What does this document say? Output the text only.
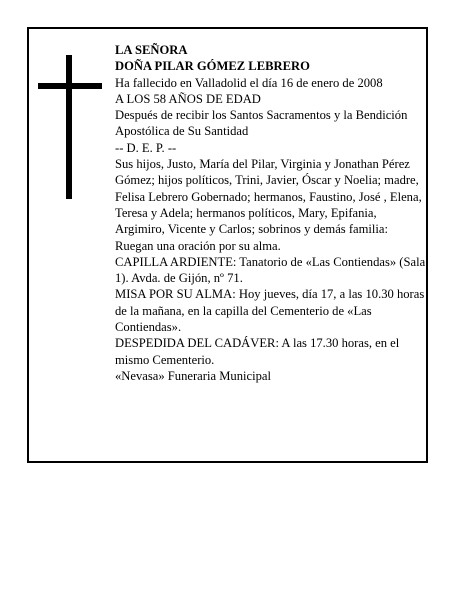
LA SEÑORA

DOÑA PILAR GÓMEZ LEBRERO

Ha fallecido en Valladolid el día 16 de enero de 2008

A LOS 58 AÑOS DE EDAD

Después de recibir los Santos Sacramentos y la Bendición Apostólica de Su Santidad

-- D. E. P. --

Sus hijos, Justo, María del Pilar, Virginia y Jonathan Pérez Gómez; hijos políticos, Trini, Javier, Óscar y Noelia; madre, Felisa Lebrero Gobernado; hermanos, Faustino, José , Elena, Teresa y Adela; hermanos políticos, Mary, Epifania, Argimiro, Vicente y Carlos; sobrinos y demás familia:

Ruegan una oración por su alma.

CAPILLA ARDIENTE: Tanatorio de «Las Contiendas» (Sala 1). Avda. de Gijón, nº 71.

MISA POR SU ALMA: Hoy jueves, día 17, a las 10.30 horas de la mañana, en la capilla del Cementerio de «Las Contiendas».

DESPEDIDA DEL CADÁVER: A las 17.30 horas, en el mismo Cementerio.

«Nevasa» Funeraria Municipal
